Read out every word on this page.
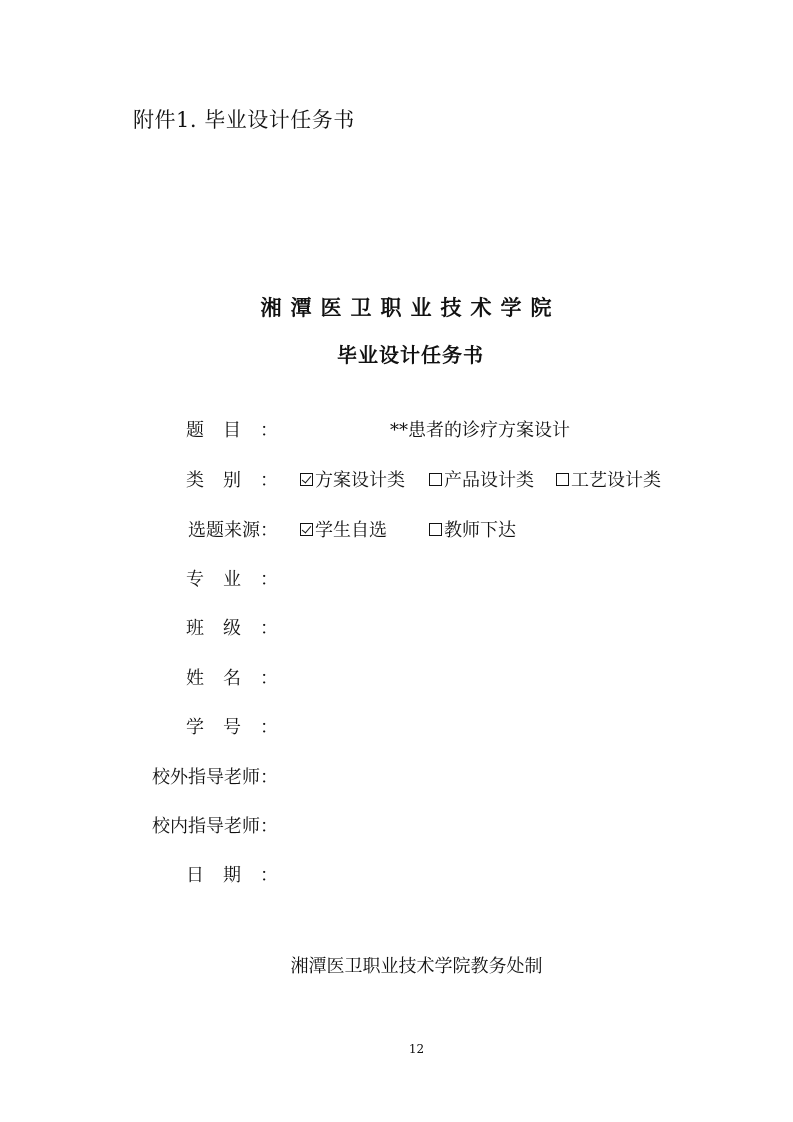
附件1. 毕业设计任务书
湘潭医卫职业技术学院
毕业设计任务书
题目：	**患者的诊疗方案设计
类别： 方案设计类 产品设计类 工艺设计类
选题来源： 学生自选	教师下达
专业：
班级：
姓名：
学号：
校外指导老师：
校内指导老师：
日期：
湘潭医卫职业技术学院教务处制
12
